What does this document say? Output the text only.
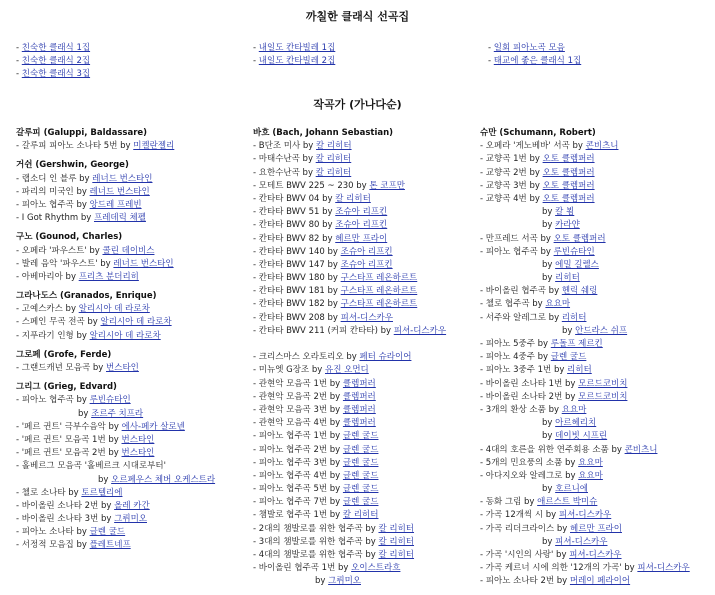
까칠한 클래식 선곡집
- 친숙한 클래식 1집
- 친숙한 클래식 2집
- 친숙한 클래식 3집
- 내일도 칸타빌레 1집
- 내일도 칸타빌레 2집
- 일회 피아노곡 모음
- 태교에 좋은 클래식 1집
작곡가 (가나다순)
갈루피 (Galuppi, Baldassare)
- 갈루피 피아노 소나타 5번 by 미켈란젤리
거쉰 (Gershwin, George)
- 랩소디 인 블루 by 레너드 번스타인
- 파리의 미국인 by 레너드 번스타인
- 피아노 협주곡 by 앙드레 프레빈
- I Got Rhythm by 프레데릭 체펠
구노 (Gounod, Charles)
- 오페라 '파우스트' by 콜린 데이비스
- 발레 음악 '파우스트' by 레너드 번스타인
- 아베마리아 by 프리츠 분더리히
그라나도스 (Granados, Enrique)
- 고예스카스 by 알리시아 데 라로차
- 스페인 무곡 전곡 by 알리시아 데 라로차
- 지푸라기 인형 by 알리시아 데 라로차
그로페 (Grofe, Ferde)
- 그랜드캐년 모음곡 by 번스타인
그리그 (Grieg, Edvard)
- 피아노 협주곡 by 루빈슈타인
by 조르주 치프라
- '페르 귄트' 극부수음악 by 에사-페카 살로넨
- '페르 귄트' 모음곡 1번 by 번스타인
- '페르 귄트' 모음곡 2번 by 번스타인
- 홀베르그 모음곡 '홀베르크 시대로부터'
by 오르페우스 체버 오케스트라
- 첼로 소나타 by 토르텔리에
- 바이올린 소나타 2번 by 올레 카간
- 바이올린 소나타 3번 by 그뤼미오
- 피아노 소나타 by 글렌 굴드
- 서정적 모음집 by 플레트네프
바흐 (Bach, Johann Sebastian)
- B단조 미사 by 칼 리히터
- 마태수난곡 by 칼 리히터
- 요한수난곡 by 칼 리히터
- 모테트 BWV 225 ~ 230 by 톤 코프만
- 칸타타 BWV 04 by 칼 리히터
- 칸타타 BWV 51 by 조슈아 리프킨
- 칸타타 BWV 80 by 조슈아 리프킨
- 칸타타 BWV 82 by 헤르만 프라이
- 칸타타 BWV 140 by 조슈아 리프킨
- 칸타타 BWV 147 by 조슈아 리프킨
- 칸타타 BWV 180 by 구스타프 레온하르트
- 칸타타 BWV 181 by 구스타프 레온하르트
- 칸타타 BWV 182 by 구스타프 레온하르트
- 칸타타 BWV 208 by 피셔-디스카우
- 칸타타 BWV 211 (커피 칸타타) by 피셔-디스카우
- 크리스마스 오라토리오 by 페터 슈라이어
- 미뉴엣 G장조 by 유진 오먼디
- 관현악 모음곡 1번 by 클렘퍼러
- 관현악 모음곡 2번 by 클렘퍼러
- 관현악 모음곡 3번 by 클렘퍼러
- 관현악 모음곡 4번 by 클렘퍼러
- 피아노 협주곡 1번 by 글렌 굴드
- 피아노 협주곡 2번 by 글렌 굴드
- 피아노 협주곡 3번 by 글렌 굴드
- 피아노 협주곡 4번 by 글렌 굴드
- 피아노 협주곡 5번 by 글렌 굴드
- 피아노 협주곡 7번 by 글렌 굴드
- 챔발로 협주곡 1번 by 칼 리히터
- 2대의 챔발로를 위한 협주곡 by 칼 리히터
- 3대의 챔발로를 위한 협주곡 by 칼 리히터
- 4대의 챔발로를 위한 협주곡 by 칼 리히터
- 바이올린 협주곡 1번 by 오이스트라흐
by 그뤼미오
슈만 (Schumann, Robert)
- 오페라 '게노베바' 서곡 by 콘비츠니
- 교향곡 1번 by 오토 클렘퍼러
- 교향곡 2번 by 오토 클렘퍼러
- 교향곡 3번 by 오토 클렘퍼러
- 교향곡 4번 by 오토 클렘퍼러
by 칼 뵘
by 카라얀
- 만프레드 서곡 by 오토 클렘퍼러
- 피아노 협주곡 by 루빈슈타인
by 에밀 길렐스
by 리히터
- 바이올린 협주곡 by 헨릭 쉐링
- 첼로 협주곡 by 요요마
- 서주와 알레그로 by 리히터
by 안드라스 쉬프
- 피아노 5중주 by 루돌프 제르킨
- 피아노 4중주 by 글렌 굴드
- 피아노 3중주 1번 by 리히터
- 바이올린 소나타 1번 by 모르드코비치
- 바이올린 소나타 2번 by 모르드코비치
- 3개의 환상 소품 by 요요마
by 아르헤리치
by 데이빗 시프린
- 4대의 호른을 위한 연주회용 소품 by 콘비츠니
- 5개의 민요풍의 소품 by 요요마
- 아다지오와 알레그로 by 요요마
by 호르니에
- 동화 그림 by 애르스트 박미슈
- 가곡 12개씩 시 by 피셔-디스카우
- 가곡 리더크라이스 by 헤르만 프라이
by 피셔-디스카우
- 가곡 '시인의 사랑' by 피셔-디스카우
- 가곡 케르너 시에 의한 '12개의 가곡' by 피셔-디스카우
- 피아노 소나타 2번 by 머레이 페라이어
